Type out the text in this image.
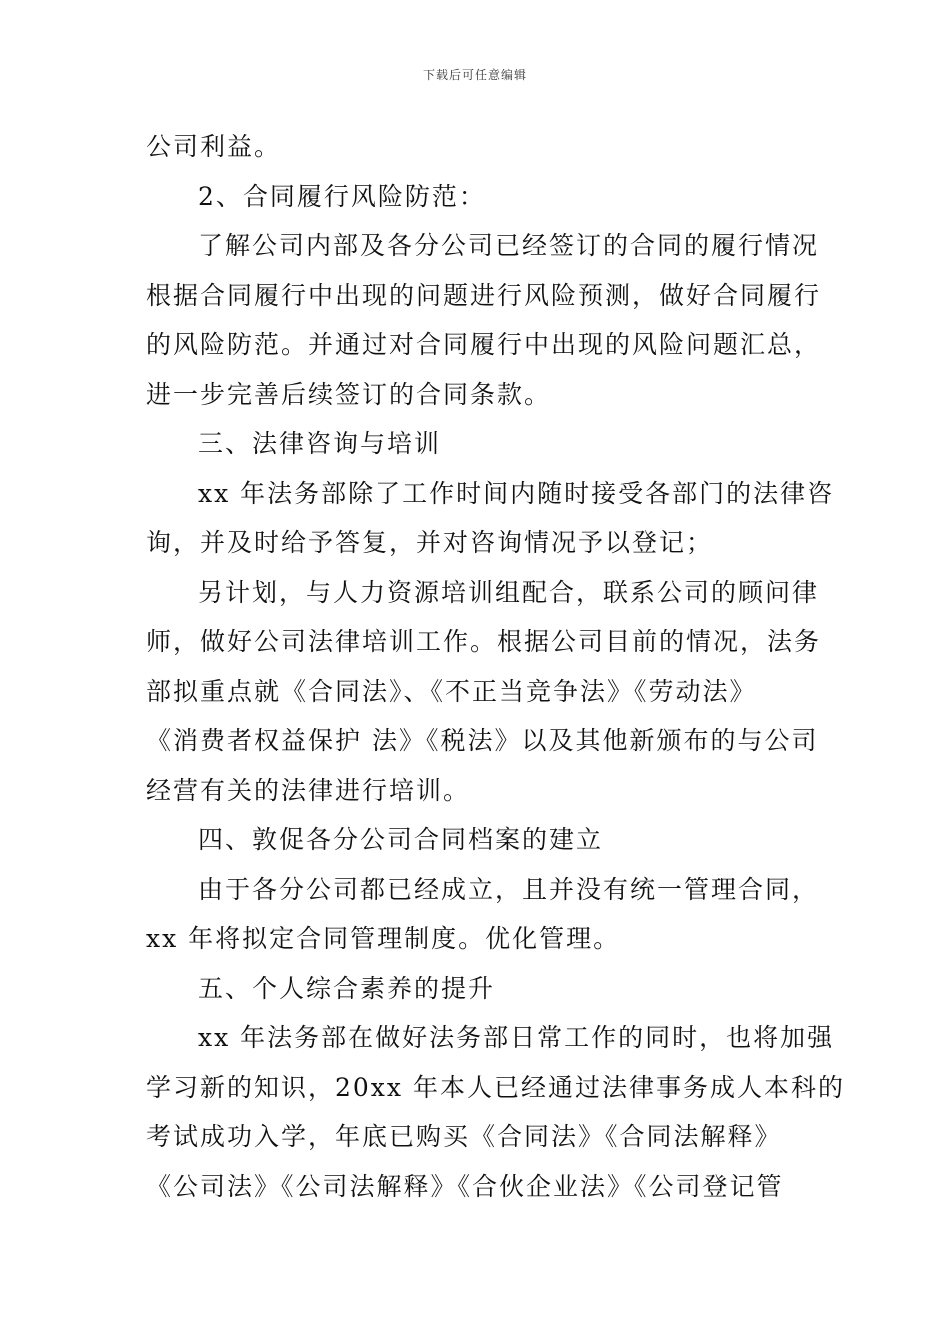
下载后可任意编辑
公司利益。
2、合同履行风险防范：
了解公司内部及各分公司已经签订的合同的履行情况
根据合同履行中出现的问题进行风险预测，做好合同履行
的风险防范。并通过对合同履行中出现的风险问题汇总，
进一步完善后续签订的合同条款。
三、法律咨询与培训
xx 年法务部除了工作时间内随时接受各部门的法律咨
询，并及时给予答复，并对咨询情况予以登记；
另计划，与人力资源培训组配合，联系公司的顾问律
师，做好公司法律培训工作。根据公司目前的情况，法务
部拟重点就《合同法》、《不正当竞争法》《劳动法》
《消费者权益保护 法》《税法》以及其他新颁布的与公司
经营有关的法律进行培训。
四、敦促各分公司合同档案的建立
由于各分公司都已经成立，且并没有统一管理合同，
xx 年将拟定合同管理制度。优化管理。
五、个人综合素养的提升
xx 年法务部在做好法务部日常工作的同时，也将加强
学习新的知识，20xx 年本人已经通过法律事务成人本科的
考试成功入学，年底已购买《合同法》《合同法解释》
《公司法》《公司法解释》《合伙企业法》《公司登记管
